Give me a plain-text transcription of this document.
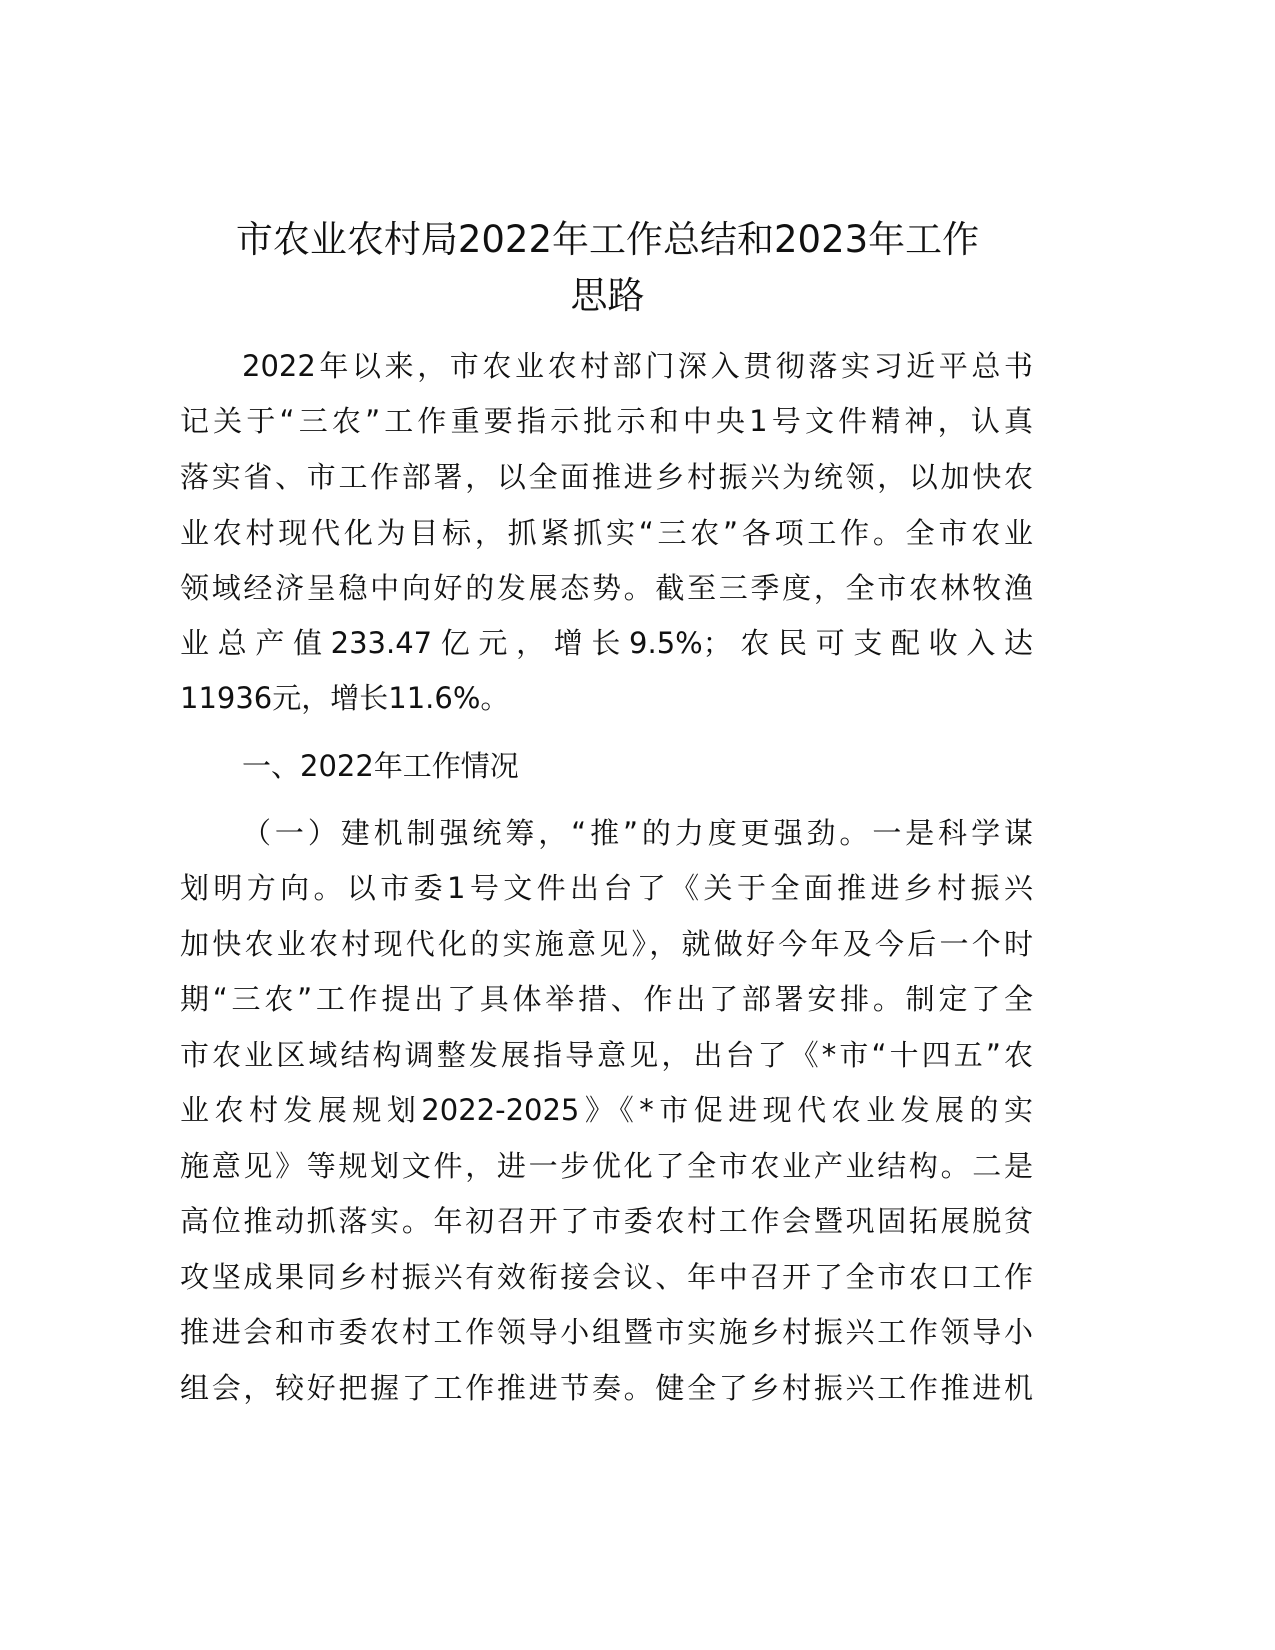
市农业农村局2022年工作总结和2023年工作
思路
2022年以来，市农业农村部门深入贯彻落实习近平总书
记关于“三农”工作重要指示批示和中央1号文件精神，认真
落实省、市工作部署，以全面推进乡村振兴为统领，以加快农
业农村现代化为目标，抓紧抓实“三农”各项工作。全市农业
领域经济呈稳中向好的发展态势。截至三季度，全市农林牧渔
业总产值233.47亿元，增长9.5%；农民可支配收入达
11936元，增长11.6%。
一、2022年工作情况
（一）建机制强统筹，“推”的力度更强劲。一是科学谋
划明方向。以市委1号文件出台了《关于全面推进乡村振兴
加快农业农村现代化的实施意见》，就做好今年及今后一个时
期“三农”工作提出了具体举措、作出了部署安排。制定了全
市农业区域结构调整发展指导意见，出台了《*市“十四五”农
业农村发展规划2022-2025》《*市促进现代农业发展的实
施意见》等规划文件，进一步优化了全市农业产业结构。二是
高位推动抓落实。年初召开了市委农村工作会暨巩固拓展脱贫
攻坚成果同乡村振兴有效衔接会议、年中召开了全市农口工作
推进会和市委农村工作领导小组暨市实施乡村振兴工作领导小
组会，较好把握了工作推进节奏。健全了乡村振兴工作推进机
